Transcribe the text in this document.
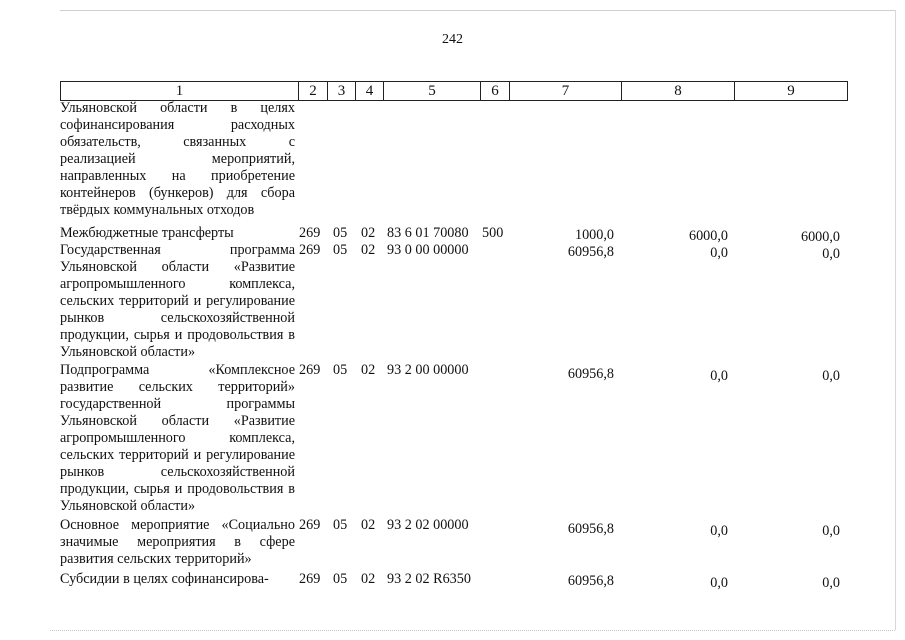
242
1	2	3	4	5	6	7	8	9
Ульяновской области в целях софинансирования расходных обязательств, связанных с реализацией мероприятий, направленных на приобретение контейнеров (бункеров) для сбора твёрдых коммунальных отходов
Межбюджетные трансферты	269 05 02 83 6 01 70080 500	1000,0	6000,0	6000,0
Государственная программа Ульяновской области «Развитие агропромышленного комплекса, сельских территорий и регулирование рынков сельскохозяйственной продукции, сырья и продовольствия в Ульяновской области»
269 05 02 93 0 00 00000	60956,8	0,0	0,0
Подпрограмма «Комплексное развитие сельских территорий» государственной программы Ульяновской области «Развитие агропромышленного комплекса, сельских территорий и регулирование рынков сельскохозяйственной продукции, сырья и продовольствия в Ульяновской области»
269 05 02 93 2 00 00000	60956,8	0,0	0,0
Основное мероприятие «Социально значимые мероприятия в сфере развития сельских территорий»
269 05 02 93 2 02 00000	60956,8	0,0	0,0
Субсидии в целях софинансирова-	269 05 02 93 2 02 R6350	60956,8	0,0	0,0
